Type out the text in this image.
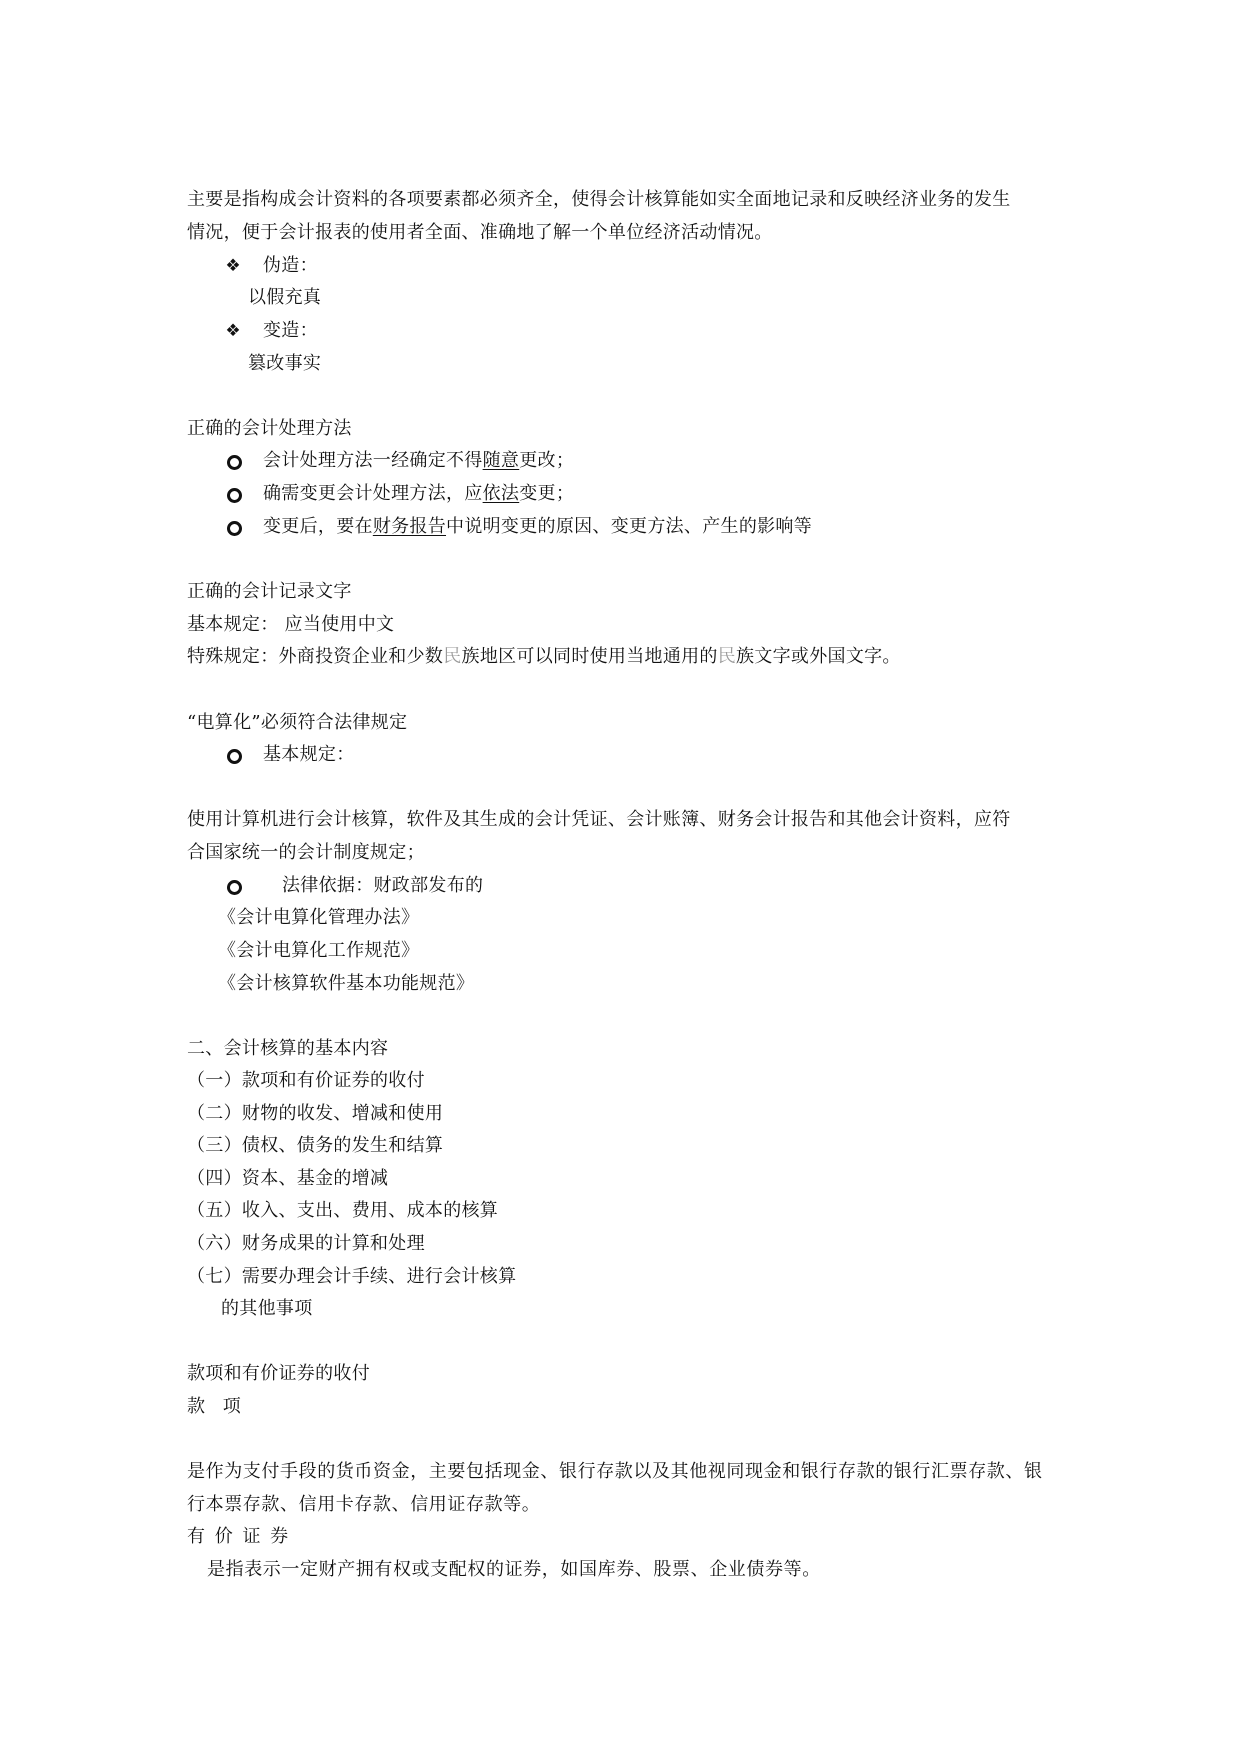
主要是指构成会计资料的各项要素都必须齐全，使得会计核算能如实全面地记录和反映经济业务的发生
情况，便于会计报表的使用者全面、准确地了解一个单位经济活动情况。
❖ 伪造：
以假充真
❖ 变造：
篡改事实
正确的会计处理方法
会计处理方法一经确定不得随意更改；
确需变更会计处理方法，应依法变更；
变更后，要在财务报告中说明变更的原因、变更方法、产生的影响等
正确的会计记录文字
基本规定： 应当使用中文
特殊规定：外商投资企业和少数民族地区可以同时使用当地通用的民族文字或外国文字。
“电算化”必须符合法律规定
基本规定：
使用计算机进行会计核算，软件及其生成的会计凭证、会计账簿、财务会计报告和其他会计资料，应符
合国家统一的会计制度规定；
法律依据：财政部发布的
《会计电算化管理办法》
《会计电算化工作规范》
《会计核算软件基本功能规范》
二、会计核算的基本内容
（一）款项和有价证券的收付
（二）财物的收发、增减和使用
（三）债权、债务的发生和结算
（四）资本、基金的增减
（五）收入、支出、费用、成本的核算
（六）财务成果的计算和处理
（七）需要办理会计手续、进行会计核算
的其他事项
款项和有价证券的收付
款 项
是作为支付手段的货币资金，主要包括现金、银行存款以及其他视同现金和银行存款的银行汇票存款、银
行本票存款、信用卡存款、信用证存款等。
有 价 证 券
是指表示一定财产拥有权或支配权的证券，如国库券、股票、企业债券等。
